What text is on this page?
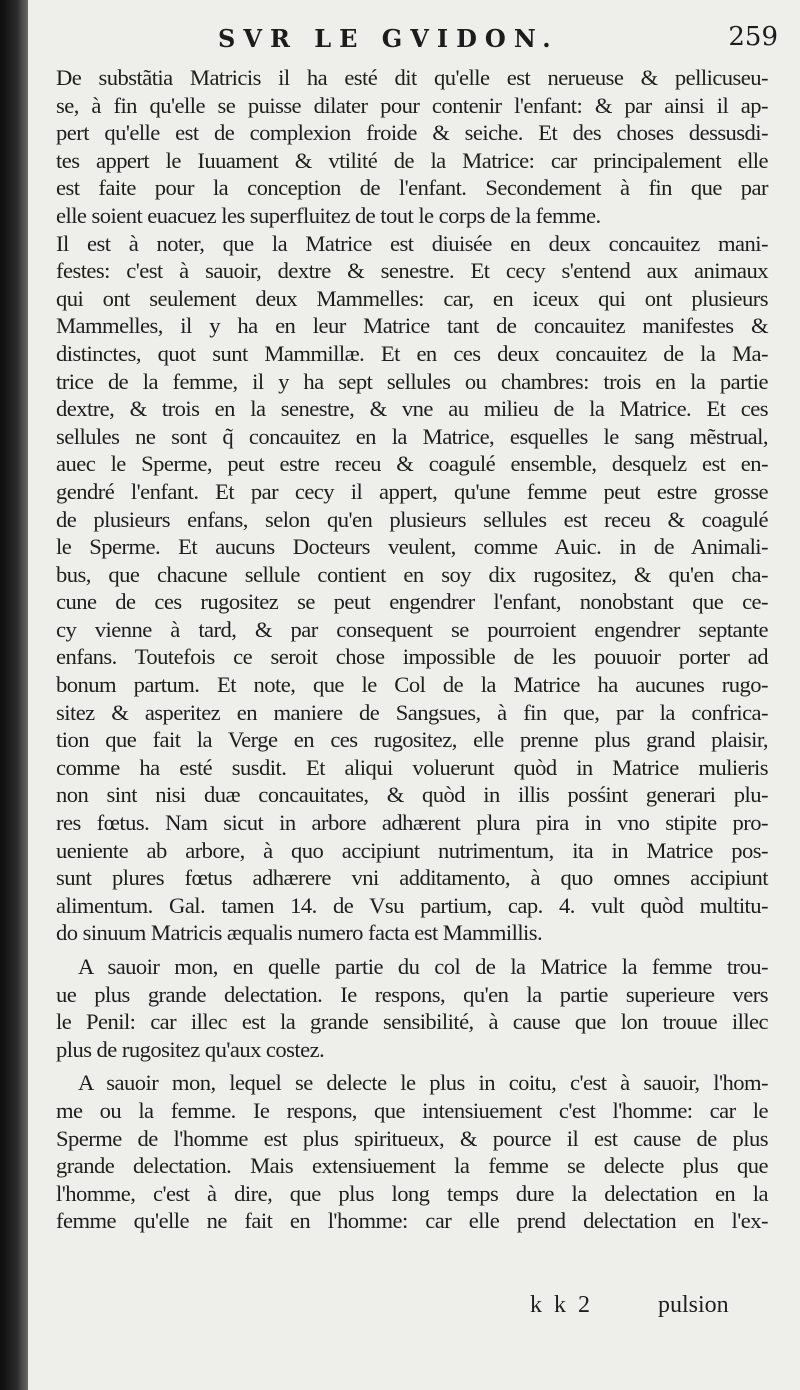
SVR LE GVIDON.	259
De substãtia Matricis il ha esté dit qu'elle est nerueuse & pellicuseu-
se, à fin qu'elle se puisse dilater pour contenir l'enfant: & par ainsi il ap-
pert qu'elle est de complexion froide & seiche. Et des choses dessusdi-
tes appert le Iuuament & vtilité de la Matrice: car principalement elle
est faite pour la conception de l'enfant. Secondement à fin que par
elle soient euacuez les superfluitez de tout le corps de la femme.
Il est à noter, que la Matrice est diuisée en deux concauitez mani-
festes: c'est à sauoir, dextre & senestre. Et cecy s'entend aux animaux
qui ont seulement deux Mammelles: car, en iceux qui ont plusieurs
Mammelles, il y ha en leur Matrice tant de concauitez manifestes &
distinctes, quot sunt Mammillæ. Et en ces deux concauitez de la Ma-
trice de la femme, il y ha sept sellules ou chambres: trois en la partie
dextre, & trois en la senestre, & vne au milieu de la Matrice. Et ces
sellules ne sont q̃ concauitez en la Matrice, esquelles le sang mẽstrual,
auec le Sperme, peut estre receu & coagulé ensemble, desquelz est en-
gendré l'enfant. Et par cecy il appert, qu'une femme peut estre grosse
de plusieurs enfans, selon qu'en plusieurs sellules est receu & coagulé
le Sperme. Et aucuns Docteurs veulent, comme Auic. in de Animali-
bus, que chacune sellule contient en soy dix rugositez, & qu'en cha-
cune de ces rugositez se peut engendrer l'enfant, nonobstant que ce-
cy vienne à tard, & par consequent se pourroient engendrer septante
enfans. Toutefois ce seroit chose impossible de les pouuoir porter ad
bonum partum. Et note, que le Col de la Matrice ha aucunes rugo-
sitez & asperitez en maniere de Sangsues, à fin que, par la confrica-
tion que fait la Verge en ces rugositez, elle prenne plus grand plaisir,
comme ha esté susdit. Et aliqui voluerunt quòd in Matrice mulieris
non sint nisi duæ concauitates, & quòd in illis posśint generari plu-
res fœtus. Nam sicut in arbore adhærent plura pira in vno stipite pro-
ueniente ab arbore, à quo accipiunt nutrimentum, ita in Matrice pos-
sunt plures fœtus adhærere vni additamento, à quo omnes accipiunt
alimentum. Gal. tamen 14. de Vsu partium, cap. 4. vult quòd multitu-
do sinuum Matricis æqualis numero facta est Mammillis.
A sauoir mon, en quelle partie du col de la Matrice la femme trou-
ue plus grande delectation. Ie respons, qu'en la partie superieure vers
le Penil: car illec est la grande sensibilité, à cause que lon trouue illec
plus de rugositez qu'aux costez.
A sauoir mon, lequel se delecte le plus in coitu, c'est à sauoir, l'hom-
me ou la femme. Ie respons, que intensiuement c'est l'homme: car le
Sperme de l'homme est plus spiritueux, & pource il est cause de plus
grande delectation. Mais extensiuement la femme se delecte plus que
l'homme, c'est à dire, que plus long temps dure la delectation en la
femme qu'elle ne fait en l'homme: car elle prend delectation en l'ex-
k k 2	pulsion
